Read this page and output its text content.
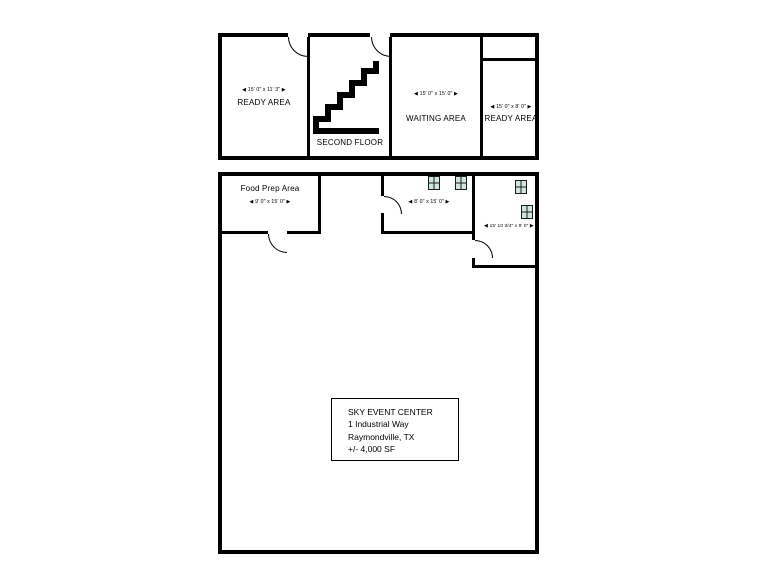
◀ 15' 0" x 11' 3" ▶
READY AREA
SECOND FLOOR
◀ 15' 0" x 15' 0" ▶
WAITING AREA
◀ 15' 0" x 8' 0" ▶
READY AREA
◀ 8' 0" x 15' 0" ▶
◀ 15' 10 3/4" x 9' 0" ▶
Food Prep Area
◀ 9' 0" x 15' 0" ▶
SKY EVENT CENTER
1 Industrial Way
Raymondville, TX
+/- 4,000 SF
